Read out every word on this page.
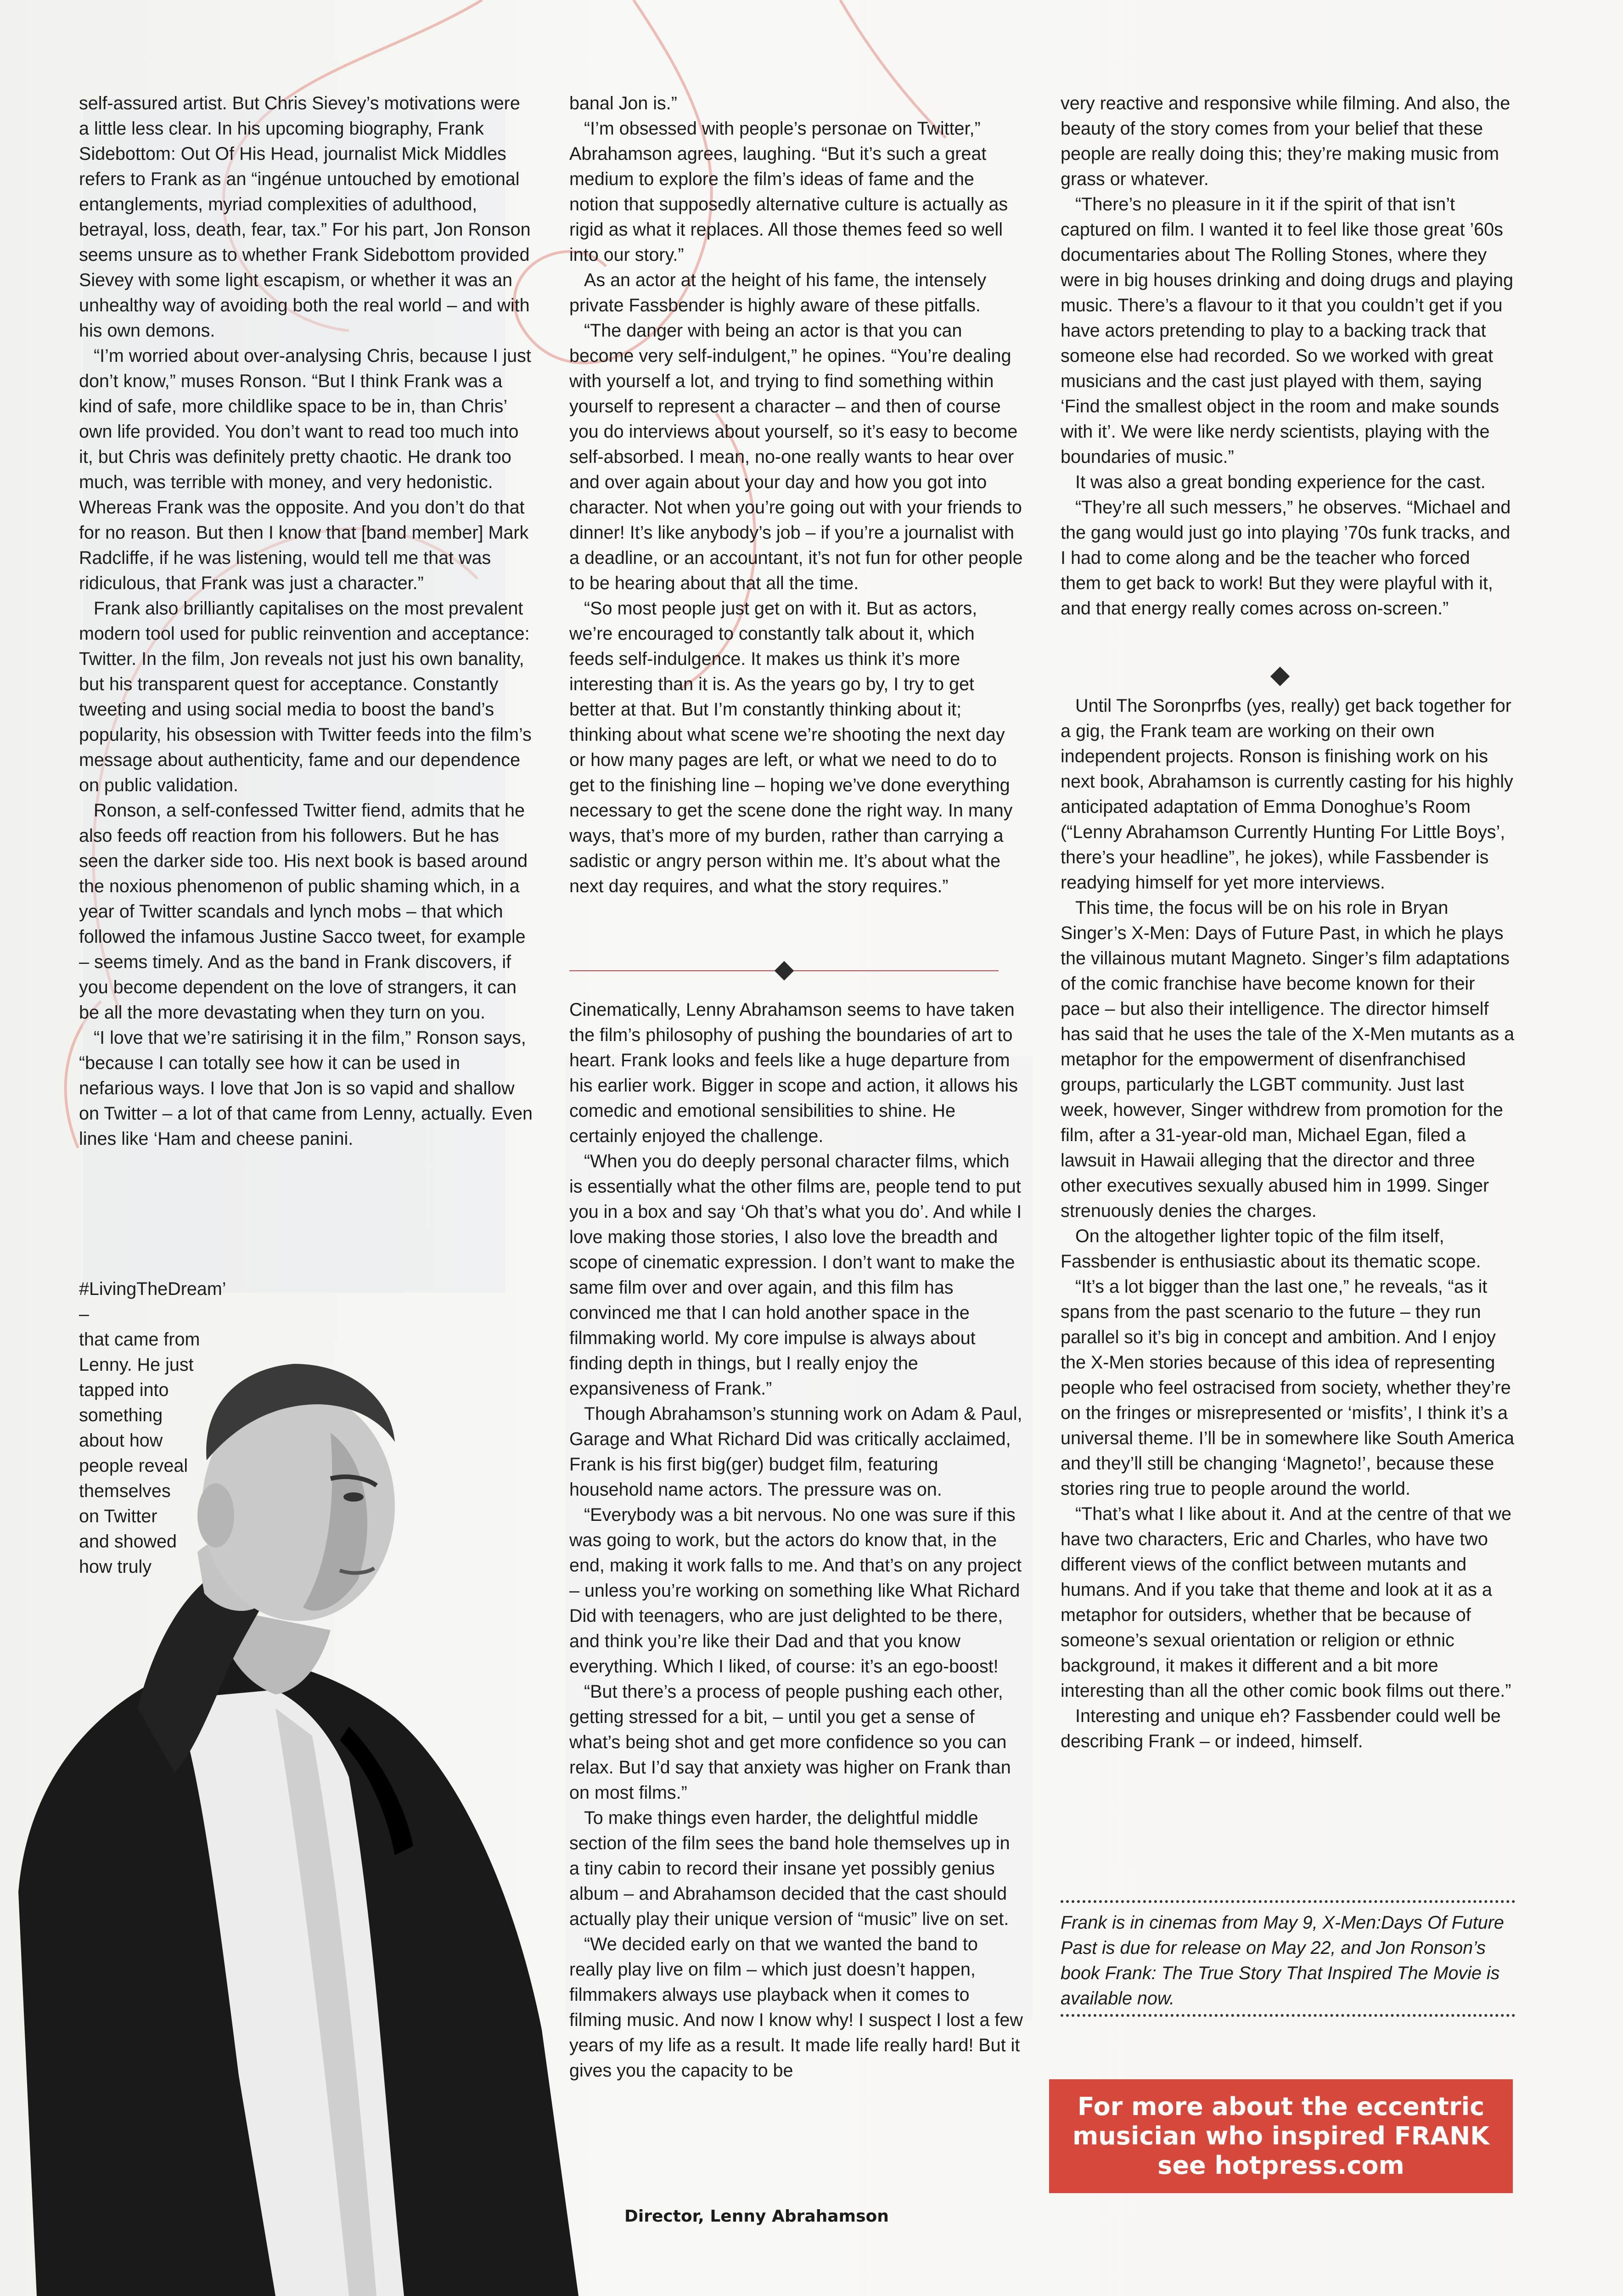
self-assured artist. But Chris Sievey’s motivations were a little less clear. In his upcoming biography, Frank Sidebottom: Out Of His Head, journalist Mick Middles refers to Frank as an “ingénue untouched by emotional entanglements, myriad complexities of adulthood, betrayal, loss, death, fear, tax.” For his part, Jon Ronson seems unsure as to whether Frank Sidebottom provided Sievey with some light escapism, or whether it was an unhealthy way of avoiding both the real world – and with his own demons.

“I’m worried about over-analysing Chris, because I just don’t know,” muses Ronson. “But I think Frank was a kind of safe, more childlike space to be in, than Chris’ own life provided. You don’t want to read too much into it, but Chris was definitely pretty chaotic. He drank too much, was terrible with money, and very hedonistic. Whereas Frank was the opposite. And you don’t do that for no reason. But then I know that [band member] Mark Radcliffe, if he was listening, would tell me that was ridiculous, that Frank was just a character.”

Frank also brilliantly capitalises on the most prevalent modern tool used for public reinvention and acceptance: Twitter. In the film, Jon reveals not just his own banality, but his transparent quest for acceptance. Constantly tweeting and using social media to boost the band’s popularity, his obsession with Twitter feeds into the film’s message about authenticity, fame and our dependence on public validation.

Ronson, a self-confessed Twitter fiend, admits that he also feeds off reaction from his followers. But he has seen the darker side too. His next book is based around the noxious phenomenon of public shaming which, in a year of Twitter scandals and lynch mobs – that which followed the infamous Justine Sacco tweet, for example – seems timely. And as the band in Frank discovers, if you become dependent on the love of strangers, it can be all the more devastating when they turn on you.

“I love that we’re satirising it in the film,” Ronson says, “because I can totally see how it can be used in nefarious ways. I love that Jon is so vapid and shallow on Twitter – a lot of that came from Lenny, actually. Even lines like ‘Ham and cheese panini.

#LivingTheDream’ –
that came from
Lenny. He just
tapped into
something
about how
people reveal
themselves
on Twitter
and showed
how truly

banal Jon is.”

“I’m obsessed with people’s personae on Twitter,” Abrahamson agrees, laughing. “But it’s such a great medium to explore the film’s ideas of fame and the notion that supposedly alternative culture is actually as rigid as what it replaces. All those themes feed so well into our story.”

As an actor at the height of his fame, the intensely private Fassbender is highly aware of these pitfalls.

“The danger with being an actor is that you can become very self-indulgent,” he opines. “You’re dealing with yourself a lot, and trying to find something within yourself to represent a character – and then of course you do interviews about yourself, so it’s easy to become self-absorbed. I mean, no-one really wants to hear over and over again about your day and how you got into character. Not when you’re going out with your friends to dinner! It’s like anybody’s job – if you’re a journalist with a deadline, or an accountant, it’s not fun for other people to be hearing about that all the time.

“So most people just get on with it. But as actors, we’re encouraged to constantly talk about it, which feeds self-indulgence. It makes us think it’s more interesting than it is. As the years go by, I try to get better at that. But I’m constantly thinking about it; thinking about what scene we’re shooting the next day or how many pages are left, or what we need to do to get to the finishing line – hoping we’ve done everything necessary to get the scene done the right way. In many ways, that’s more of my burden, rather than carrying a sadistic or angry person within me. It’s about what the next day requires, and what the story requires.”

Cinematically, Lenny Abrahamson seems to have taken the film’s philosophy of pushing the boundaries of art to heart. Frank looks and feels like a huge departure from his earlier work. Bigger in scope and action, it allows his comedic and emotional sensibilities to shine. He certainly enjoyed the challenge.

“When you do deeply personal character films, which is essentially what the other films are, people tend to put you in a box and say ‘Oh that’s what you do’. And while I love making those stories, I also love the breadth and scope of cinematic expression. I don’t want to make the same film over and over again, and this film has convinced me that I can hold another space in the filmmaking world. My core impulse is always about finding depth in things, but I really enjoy the expansiveness of Frank.”

Though Abrahamson’s stunning work on Adam & Paul, Garage and What Richard Did was critically acclaimed, Frank is his first big(ger) budget film, featuring household name actors. The pressure was on.

“Everybody was a bit nervous. No one was sure if this was going to work, but the actors do know that, in the end, making it work falls to me. And that’s on any project – unless you’re working on something like What Richard Did with teenagers, who are just delighted to be there, and think you’re like their Dad and that you know everything. Which I liked, of course: it’s an ego-boost!

“But there’s a process of people pushing each other, getting stressed for a bit, – until you get a sense of what’s being shot and get more confidence so you can relax. But I’d say that anxiety was higher on Frank than on most films.”

To make things even harder, the delightful middle section of the film sees the band hole themselves up in a tiny cabin to record their insane yet possibly genius album – and Abrahamson decided that the cast should actually play their unique version of “music” live on set.

“We decided early on that we wanted the band to really play live on film – which just doesn’t happen, filmmakers always use playback when it comes to filming music. And now I know why! I suspect I lost a few years of my life as a result. It made life really hard! But it gives you the capacity to be

very reactive and responsive while filming. And also, the beauty of the story comes from your belief that these people are really doing this; they’re making music from grass or whatever.

“There’s no pleasure in it if the spirit of that isn’t captured on film. I wanted it to feel like those great ’60s documentaries about The Rolling Stones, where they were in big houses drinking and doing drugs and playing music. There’s a flavour to it that you couldn’t get if you have actors pretending to play to a backing track that someone else had recorded. So we worked with great musicians and the cast just played with them, saying ‘Find the smallest object in the room and make sounds with it’. We were like nerdy scientists, playing with the boundaries of music.”

It was also a great bonding experience for the cast.

“They’re all such messers,” he observes. “Michael and the gang would just go into playing ’70s funk tracks, and I had to come along and be the teacher who forced them to get back to work! But they were playful with it, and that energy really comes across on-screen.”

Until The Soronprfbs (yes, really) get back together for a gig, the Frank team are working on their own independent projects. Ronson is finishing work on his next book, Abrahamson is currently casting for his highly anticipated adaptation of Emma Donoghue’s Room (“Lenny Abrahamson Currently Hunting For Little Boys’, there’s your headline”, he jokes), while Fassbender is readying himself for yet more interviews.

This time, the focus will be on his role in Bryan Singer’s X-Men: Days of Future Past, in which he plays the villainous mutant Magneto. Singer’s film adaptations of the comic franchise have become known for their pace – but also their intelligence. The director himself has said that he uses the tale of the X-Men mutants as a metaphor for the empowerment of disenfranchised groups, particularly the LGBT community. Just last week, however, Singer withdrew from promotion for the film, after a 31-year-old man, Michael Egan, filed a lawsuit in Hawaii alleging that the director and three other executives sexually abused him in 1999. Singer strenuously denies the charges.

On the altogether lighter topic of the film itself, Fassbender is enthusiastic about its thematic scope.

“It’s a lot bigger than the last one,” he reveals, “as it spans from the past scenario to the future – they run parallel so it’s big in concept and ambition. And I enjoy the X-Men stories because of this idea of representing people who feel ostracised from society, whether they’re on the fringes or misrepresented or ‘misfits’, I think it’s a universal theme. I’ll be in somewhere like South America and they’ll still be changing ‘Magneto!’, because these stories ring true to people around the world.

“That’s what I like about it. And at the centre of that we have two characters, Eric and Charles, who have two different views of the conflict between mutants and humans. And if you take that theme and look at it as a metaphor for outsiders, whether that be because of someone’s sexual orientation or religion or ethnic background, it makes it different and a bit more interesting than all the other comic book films out there.”

Interesting and unique eh? Fassbender could well be describing Frank – or indeed, himself.

Frank is in cinemas from May 9, X-Men:Days Of Future Past is due for release on May 22, and Jon Ronson’s book Frank: The True Story That Inspired The Movie is available now.

For more about the eccentric
musician who inspired FRANK
see hotpress.com
Director, Lenny Abrahamson
